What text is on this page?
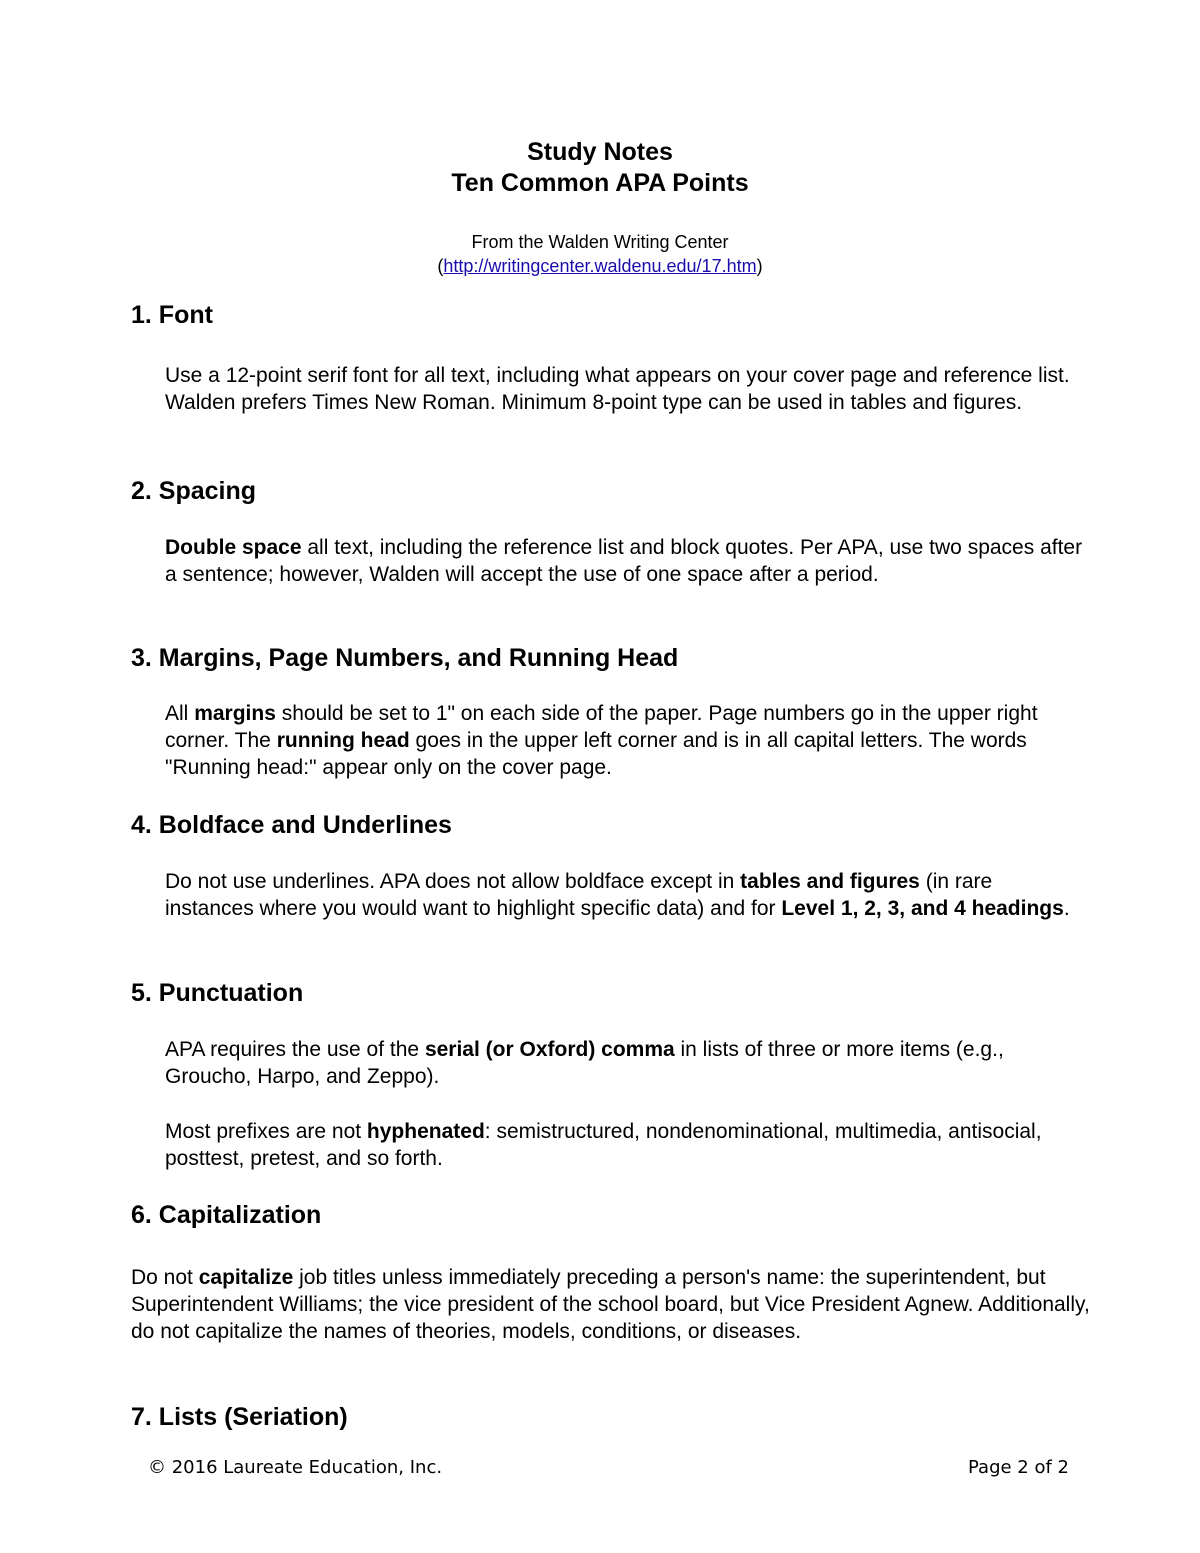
Study Notes
Ten Common APA Points
From the Walden Writing Center
(http://writingcenter.waldenu.edu/17.htm)
1. Font
Use a 12-point serif font for all text, including what appears on your cover page and reference list. Walden prefers Times New Roman. Minimum 8-point type can be used in tables and figures.
2. Spacing
Double space all text, including the reference list and block quotes. Per APA, use two spaces after a sentence; however, Walden will accept the use of one space after a period.
3. Margins, Page Numbers, and Running Head
All margins should be set to 1" on each side of the paper. Page numbers go in the upper right corner. The running head goes in the upper left corner and is in all capital letters. The words "Running head:" appear only on the cover page.
4. Boldface and Underlines
Do not use underlines. APA does not allow boldface except in tables and figures (in rare instances where you would want to highlight specific data) and for Level 1, 2, 3, and 4 headings.
5. Punctuation
APA requires the use of the serial (or Oxford) comma in lists of three or more items (e.g., Groucho, Harpo, and Zeppo).
Most prefixes are not hyphenated: semistructured, nondenominational, multimedia, antisocial, posttest, pretest, and so forth.
6. Capitalization
Do not capitalize job titles unless immediately preceding a person's name: the superintendent, but Superintendent Williams; the vice president of the school board, but Vice President Agnew. Additionally, do not capitalize the names of theories, models, conditions, or diseases.
7. Lists (Seriation)
© 2016 Laureate Education, Inc.	Page 2 of 2
